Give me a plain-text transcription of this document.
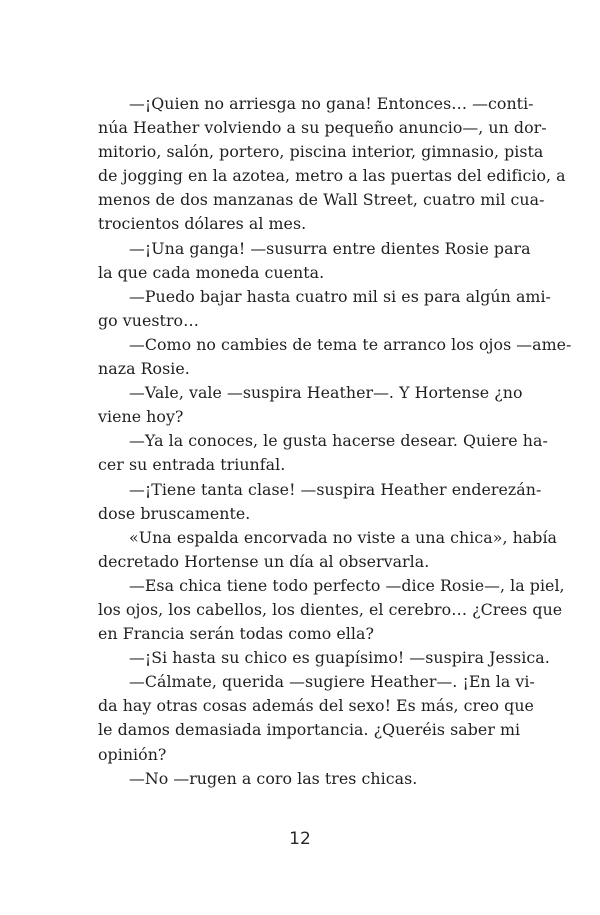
—¡Quien no arriesga no gana! Entonces… —conti-
núa Heather volviendo a su pequeño anuncio—, un dor-
mitorio, salón, portero, piscina interior, gimnasio, pista
de jogging en la azotea, metro a las puertas del edificio, a
menos de dos manzanas de Wall Street, cuatro mil cua-
trocientos dólares al mes.
—¡Una ganga! —susurra entre dientes Rosie para
la que cada moneda cuenta.
—Puedo bajar hasta cuatro mil si es para algún ami-
go vuestro…
—Como no cambies de tema te arranco los ojos —ame-
naza Rosie.
—Vale, vale —suspira Heather—. Y Hortense ¿no
viene hoy?
—Ya la conoces, le gusta hacerse desear. Quiere ha-
cer su entrada triunfal.
—¡Tiene tanta clase! —suspira Heather enderezán-
dose bruscamente.
«Una espalda encorvada no viste a una chica», había
decretado Hortense un día al observarla.
—Esa chica tiene todo perfecto —dice Rosie—, la piel,
los ojos, los cabellos, los dientes, el cerebro… ¿Crees que
en Francia serán todas como ella?
—¡Si hasta su chico es guapísimo! —suspira Jessica.
—Cálmate, querida —sugiere Heather—. ¡En la vi-
da hay otras cosas además del sexo! Es más, creo que
le damos demasiada importancia. ¿Queréis saber mi
opinión?
—No —rugen a coro las tres chicas.
12
